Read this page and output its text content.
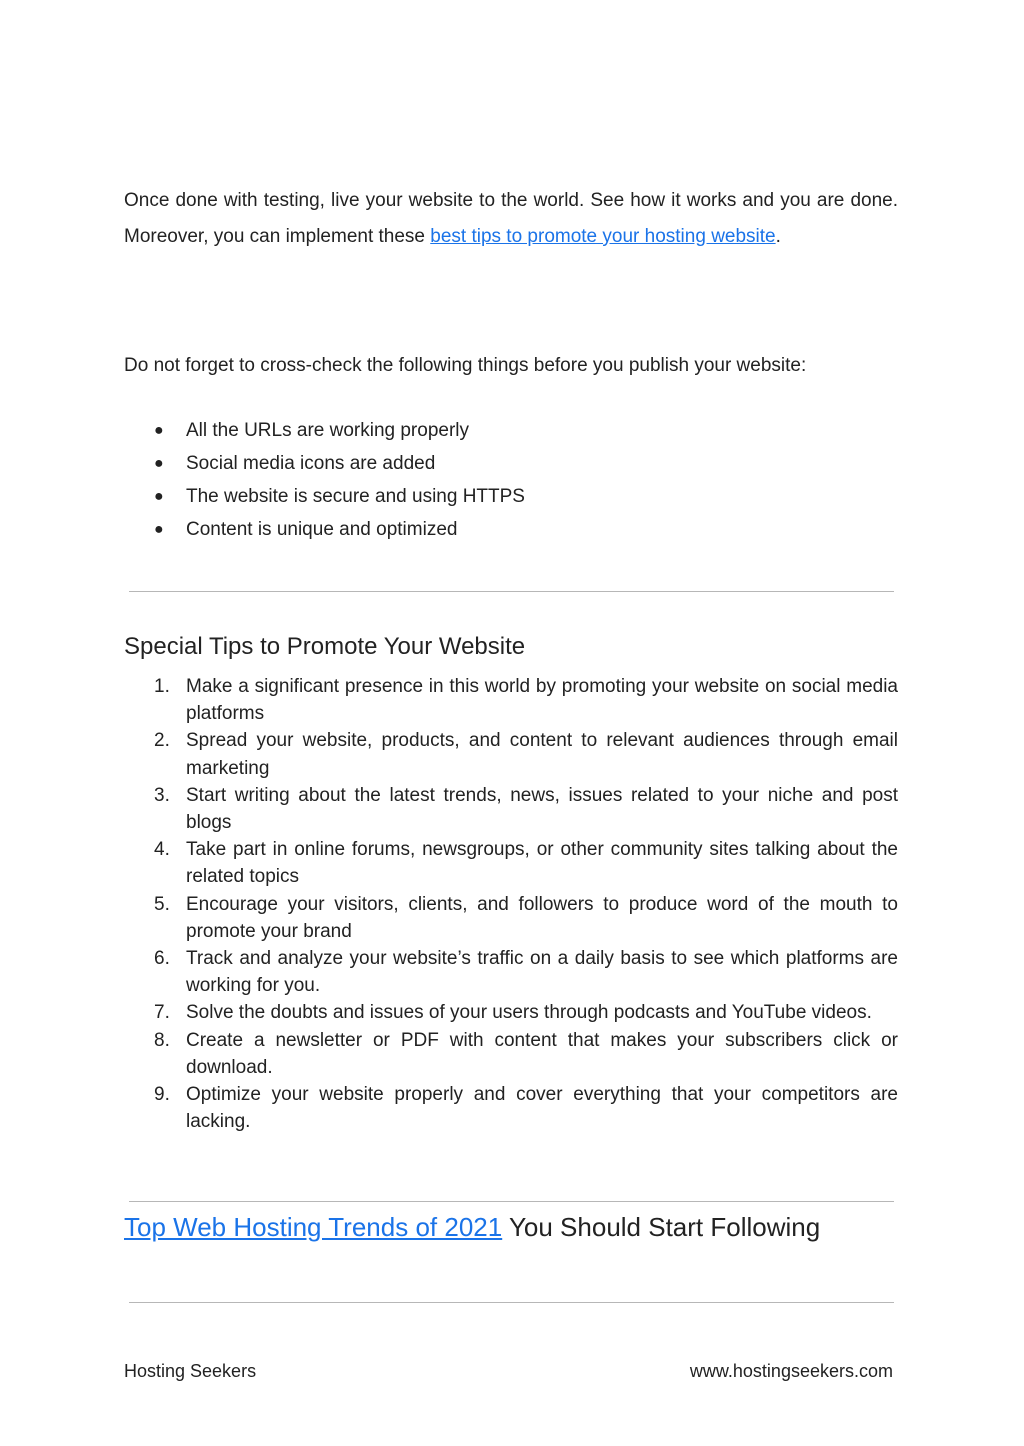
Once done with testing, live your website to the world. See how it works and you are done. Moreover, you can implement these best tips to promote your hosting website.

Do not forget to cross-check the following things before you publish your website:

● All the URLs are working properly
● Social media icons are added
● The website is secure and using HTTPS
● Content is unique and optimized
Special Tips to Promote Your Website
1. Make a significant presence in this world by promoting your website on social media platforms
2. Spread your website, products, and content to relevant audiences through email marketing
3. Start writing about the latest trends, news, issues related to your niche and post blogs
4. Take part in online forums, newsgroups, or other community sites talking about the related topics
5. Encourage your visitors, clients, and followers to produce word of the mouth to promote your brand
6. Track and analyze your website’s traffic on a daily basis to see which platforms are working for you.
7. Solve the doubts and issues of your users through podcasts and YouTube videos.
8. Create a newsletter or PDF with content that makes your subscribers click or download.
9. Optimize your website properly and cover everything that your competitors are lacking.
Top Web Hosting Trends of 2021 You Should Start Following
Hosting Seekers	www.hostingseekers.com
